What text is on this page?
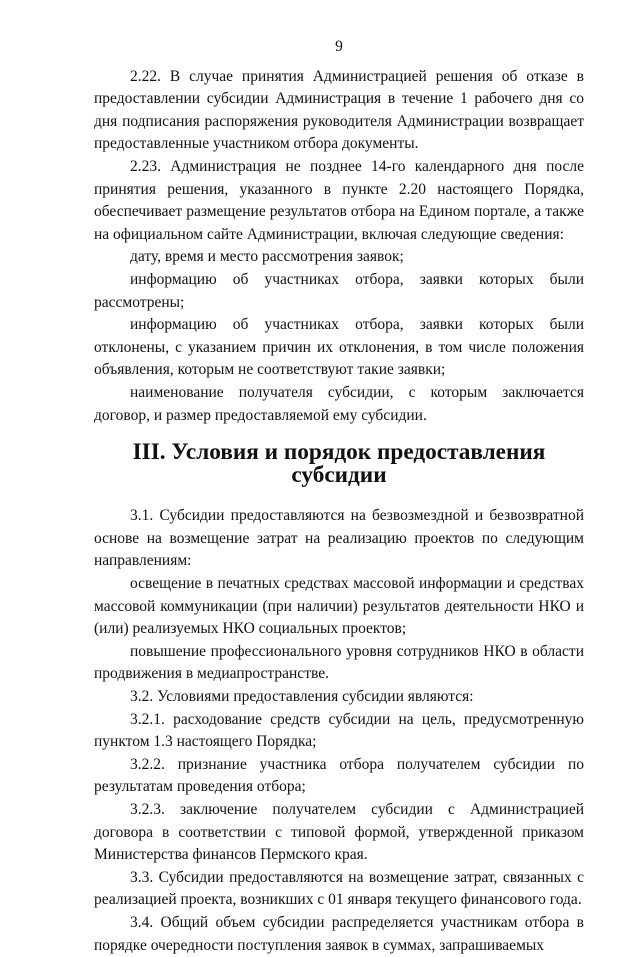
9

2.22. В случае принятия Администрацией решения об отказе в предоставлении субсидии Администрация в течение 1 рабочего дня со дня подписания распоряжения руководителя Администрации возвращает предоставленные участником отбора документы.

2.23. Администрация не позднее 14-го календарного дня после принятия решения, указанного в пункте 2.20 настоящего Порядка, обеспечивает размещение результатов отбора на Едином портале, а также на официальном сайте Администрации, включая следующие сведения:

дату, время и место рассмотрения заявок;

информацию об участниках отбора, заявки которых были рассмотрены;

информацию об участниках отбора, заявки которых были отклонены, с указанием причин их отклонения, в том числе положения объявления, которым не соответствуют такие заявки;

наименование получателя субсидии, с которым заключается договор, и размер предоставляемой ему субсидии.

III. Условия и порядок предоставления субсидии

3.1. Субсидии предоставляются на безвозмездной и безвозвратной основе на возмещение затрат на реализацию проектов по следующим направлениям:

освещение в печатных средствах массовой информации и средствах массовой коммуникации (при наличии) результатов деятельности НКО и (или) реализуемых НКО социальных проектов;

повышение профессионального уровня сотрудников НКО в области продвижения в медиапространстве.

3.2. Условиями предоставления субсидии являются:

3.2.1. расходование средств субсидии на цель, предусмотренную пунктом 1.3 настоящего Порядка;

3.2.2. признание участника отбора получателем субсидии по результатам проведения отбора;

3.2.3. заключение получателем субсидии с Администрацией договора в соответствии с типовой формой, утвержденной приказом Министерства финансов Пермского края.

3.3. Субсидии предоставляются на возмещение затрат, связанных с реализацией проекта, возникших с 01 января текущего финансового года.

3.4. Общий объем субсидии распределяется участникам отбора в порядке очередности поступления заявок в суммах, запрашиваемых
